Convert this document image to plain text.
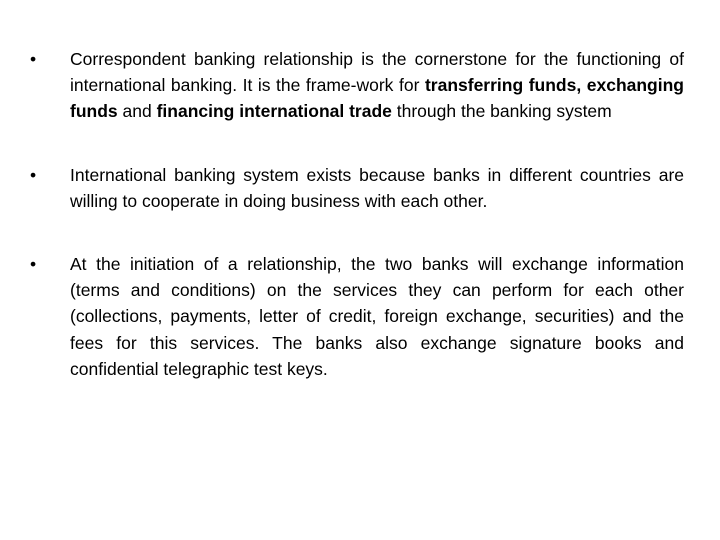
• Correspondent banking relationship is the cornerstone for the functioning of international banking. It is the frame-work for transferring funds, exchanging funds and financing international trade through the banking system
• International banking system exists because banks in different countries are willing to cooperate in doing business with each other.
• At the initiation of a relationship, the two banks will exchange information (terms and conditions) on the services they can perform for each other (collections, payments, letter of credit, foreign exchange, securities) and the fees for this services. The banks also exchange signature books and confidential telegraphic test keys.
